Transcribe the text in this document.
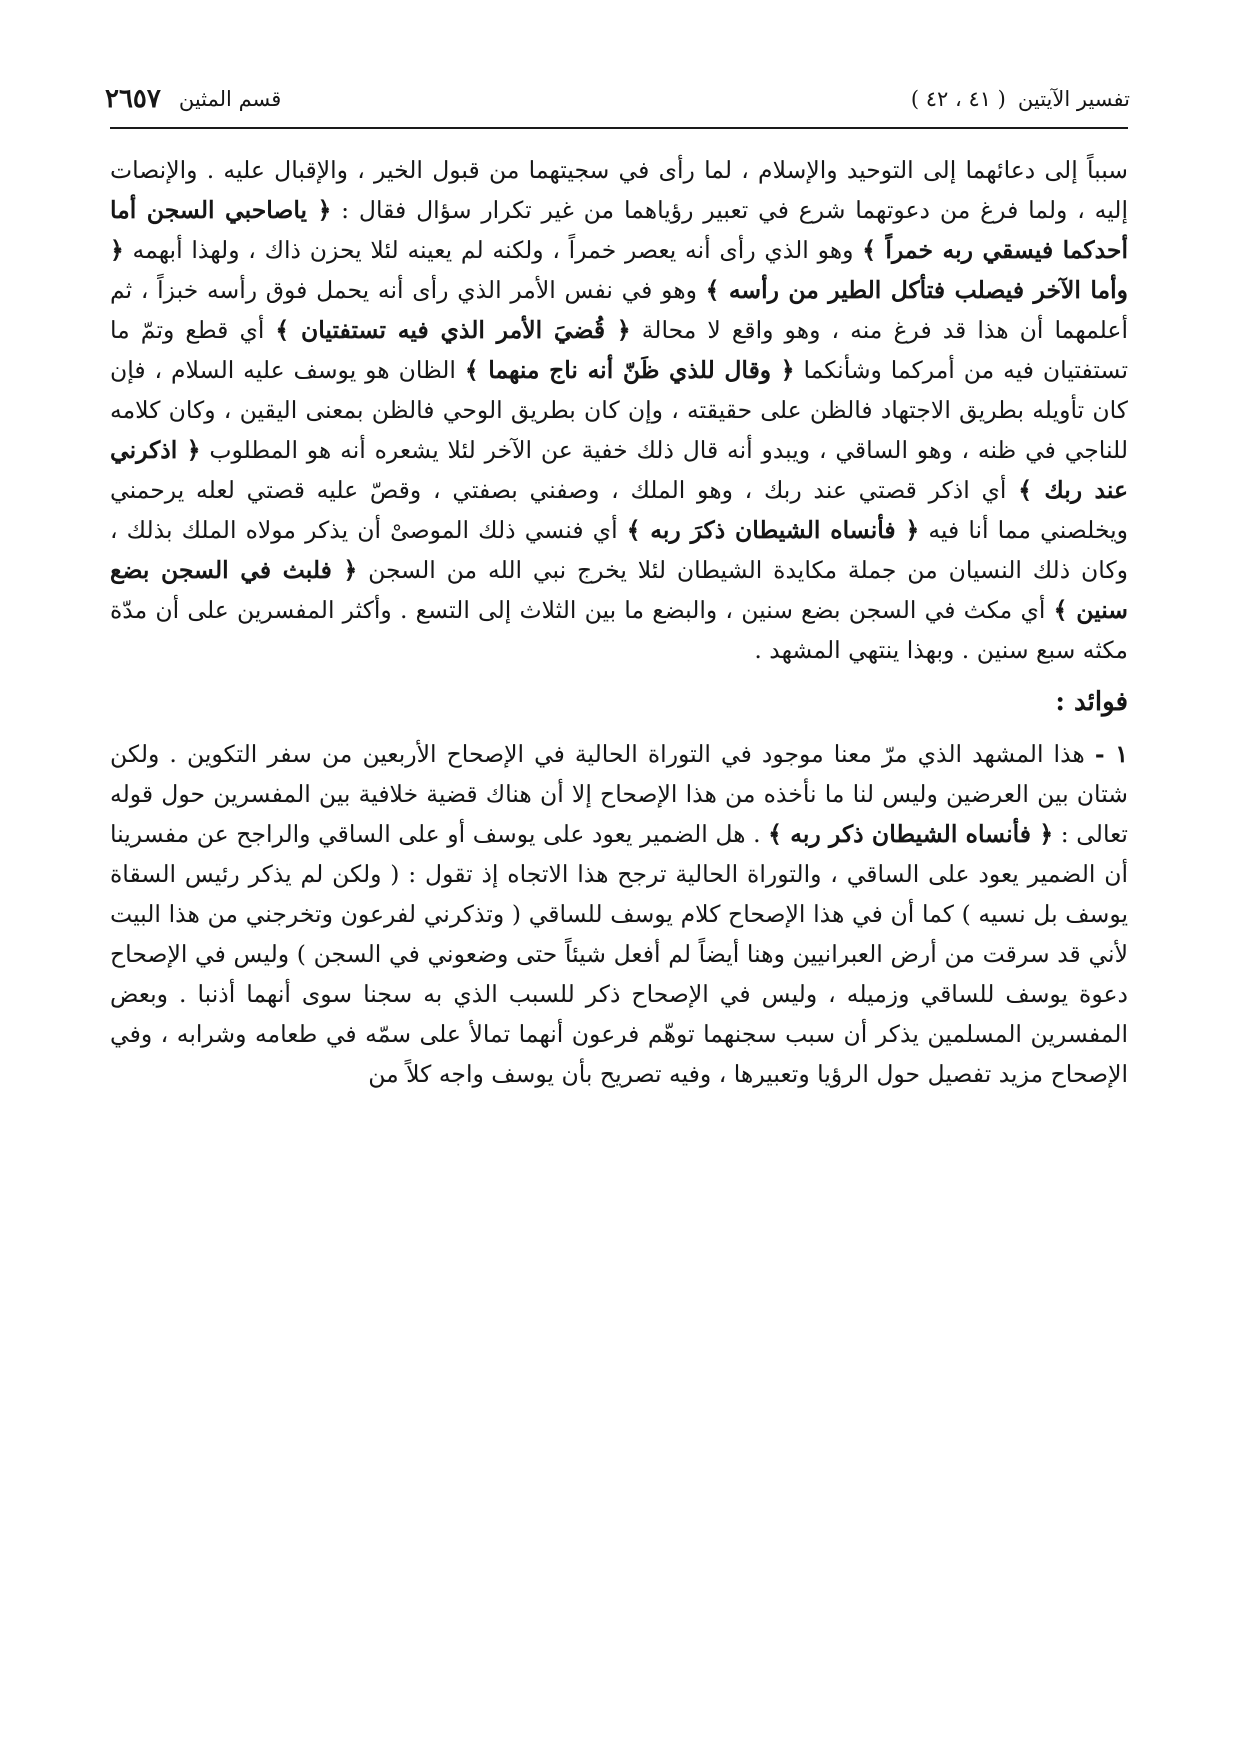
تفسير الآيتين
( ٤١ ، ٤٢ )
قسم المثين
٢٦٥٧

سبباً إلى دعائهما إلى التوحيد والإسلام ، لما رأى في سجيتهما من قبول الخير ، والإقبال عليه . والإنصات إليه ، ولما فرغ من دعوتهما شرع في تعبير رؤياهما من غير تكرار سؤال فقال : ﴿ ياصاحبي السجن أما أحدكما فيسقي ربه خمراً ﴾ وهو الذي رأى أنه يعصر خمراً ، ولكنه لم يعينه لئلا يحزن ذاك ، ولهذا أبهمه ﴿ وأما الآخر فيصلب فتأكل الطير من رأسه ﴾ وهو في نفس الأمر الذي رأى أنه يحمل فوق رأسه خبزاً ، ثم أعلمهما أن هذا قد فرغ منه ، وهو واقع لا محالة ﴿ قُضيَ الأمر الذي فيه تستفتيان ﴾ أي قطع وتمّ ما تستفتيان فيه من أمركما وشأنكما ﴿ وقال للذي ظَنّ أنه ناج منهما ﴾ الظان هو يوسف عليه السلام ، فإن كان تأويله بطريق الاجتهاد فالظن على حقيقته ، وإن كان بطريق الوحي فالظن بمعنى اليقين ، وكان كلامه للناجي في ظنه ، وهو الساقي ، ويبدو أنه قال ذلك خفية عن الآخر لئلا يشعره أنه هو المطلوب ﴿ اذكرني عند ربك ﴾ أي اذكر قصتي عند ربك ، وهو الملك ، وصفني بصفتي ، وقصّ عليه قصتي لعله يرحمني ويخلصني مما أنا فيه ﴿ فأنساه الشيطان ذكرَ ربه ﴾ أي فنسي ذلك الموصىْ أن يذكر مولاه الملك بذلك ، وكان ذلك النسيان من جملة مكايدة الشيطان لئلا يخرج نبي الله من السجن ﴿ فلبث في السجن بضع سنين ﴾ أي مكث في السجن بضع سنين ، والبضع ما بين الثلاث إلى التسع . وأكثر المفسرين على أن مدّة مكثه سبع سنين . وبهذا ينتهي المشهد .

فوائد :

١ - هذا المشهد الذي مرّ معنا موجود في التوراة الحالية في الإصحاح الأربعين من سفر التكوين . ولكن شتان بين العرضين وليس لنا ما نأخذه من هذا الإصحاح إلا أن هناك قضية خلافية بين المفسرين حول قوله تعالى : ﴿ فأنساه الشيطان ذكر ربه ﴾ . هل الضمير يعود على يوسف أو على الساقي والراجح عن مفسرينا أن الضمير يعود على الساقي ، والتوراة الحالية ترجح هذا الاتجاه إذ تقول : ( ولكن لم يذكر رئيس السقاة يوسف بل نسيه ) كما أن في هذا الإصحاح كلام يوسف للساقي ( وتذكرني لفرعون وتخرجني من هذا البيت لأني قد سرقت من أرض العبرانيين وهنا أيضاً لم أفعل شيئاً حتى وضعوني في السجن ) وليس في الإصحاح دعوة يوسف للساقي وزميله ، وليس في الإصحاح ذكر للسبب الذي به سجنا سوى أنهما أذنبا . وبعض المفسرين المسلمين يذكر أن سبب سجنهما توهّم فرعون أنهما تمالأ على سمّه في طعامه وشرابه ، وفي الإصحاح مزيد تفصيل حول الرؤيا وتعبيرها ، وفيه تصريح بأن يوسف واجه كلاً من
